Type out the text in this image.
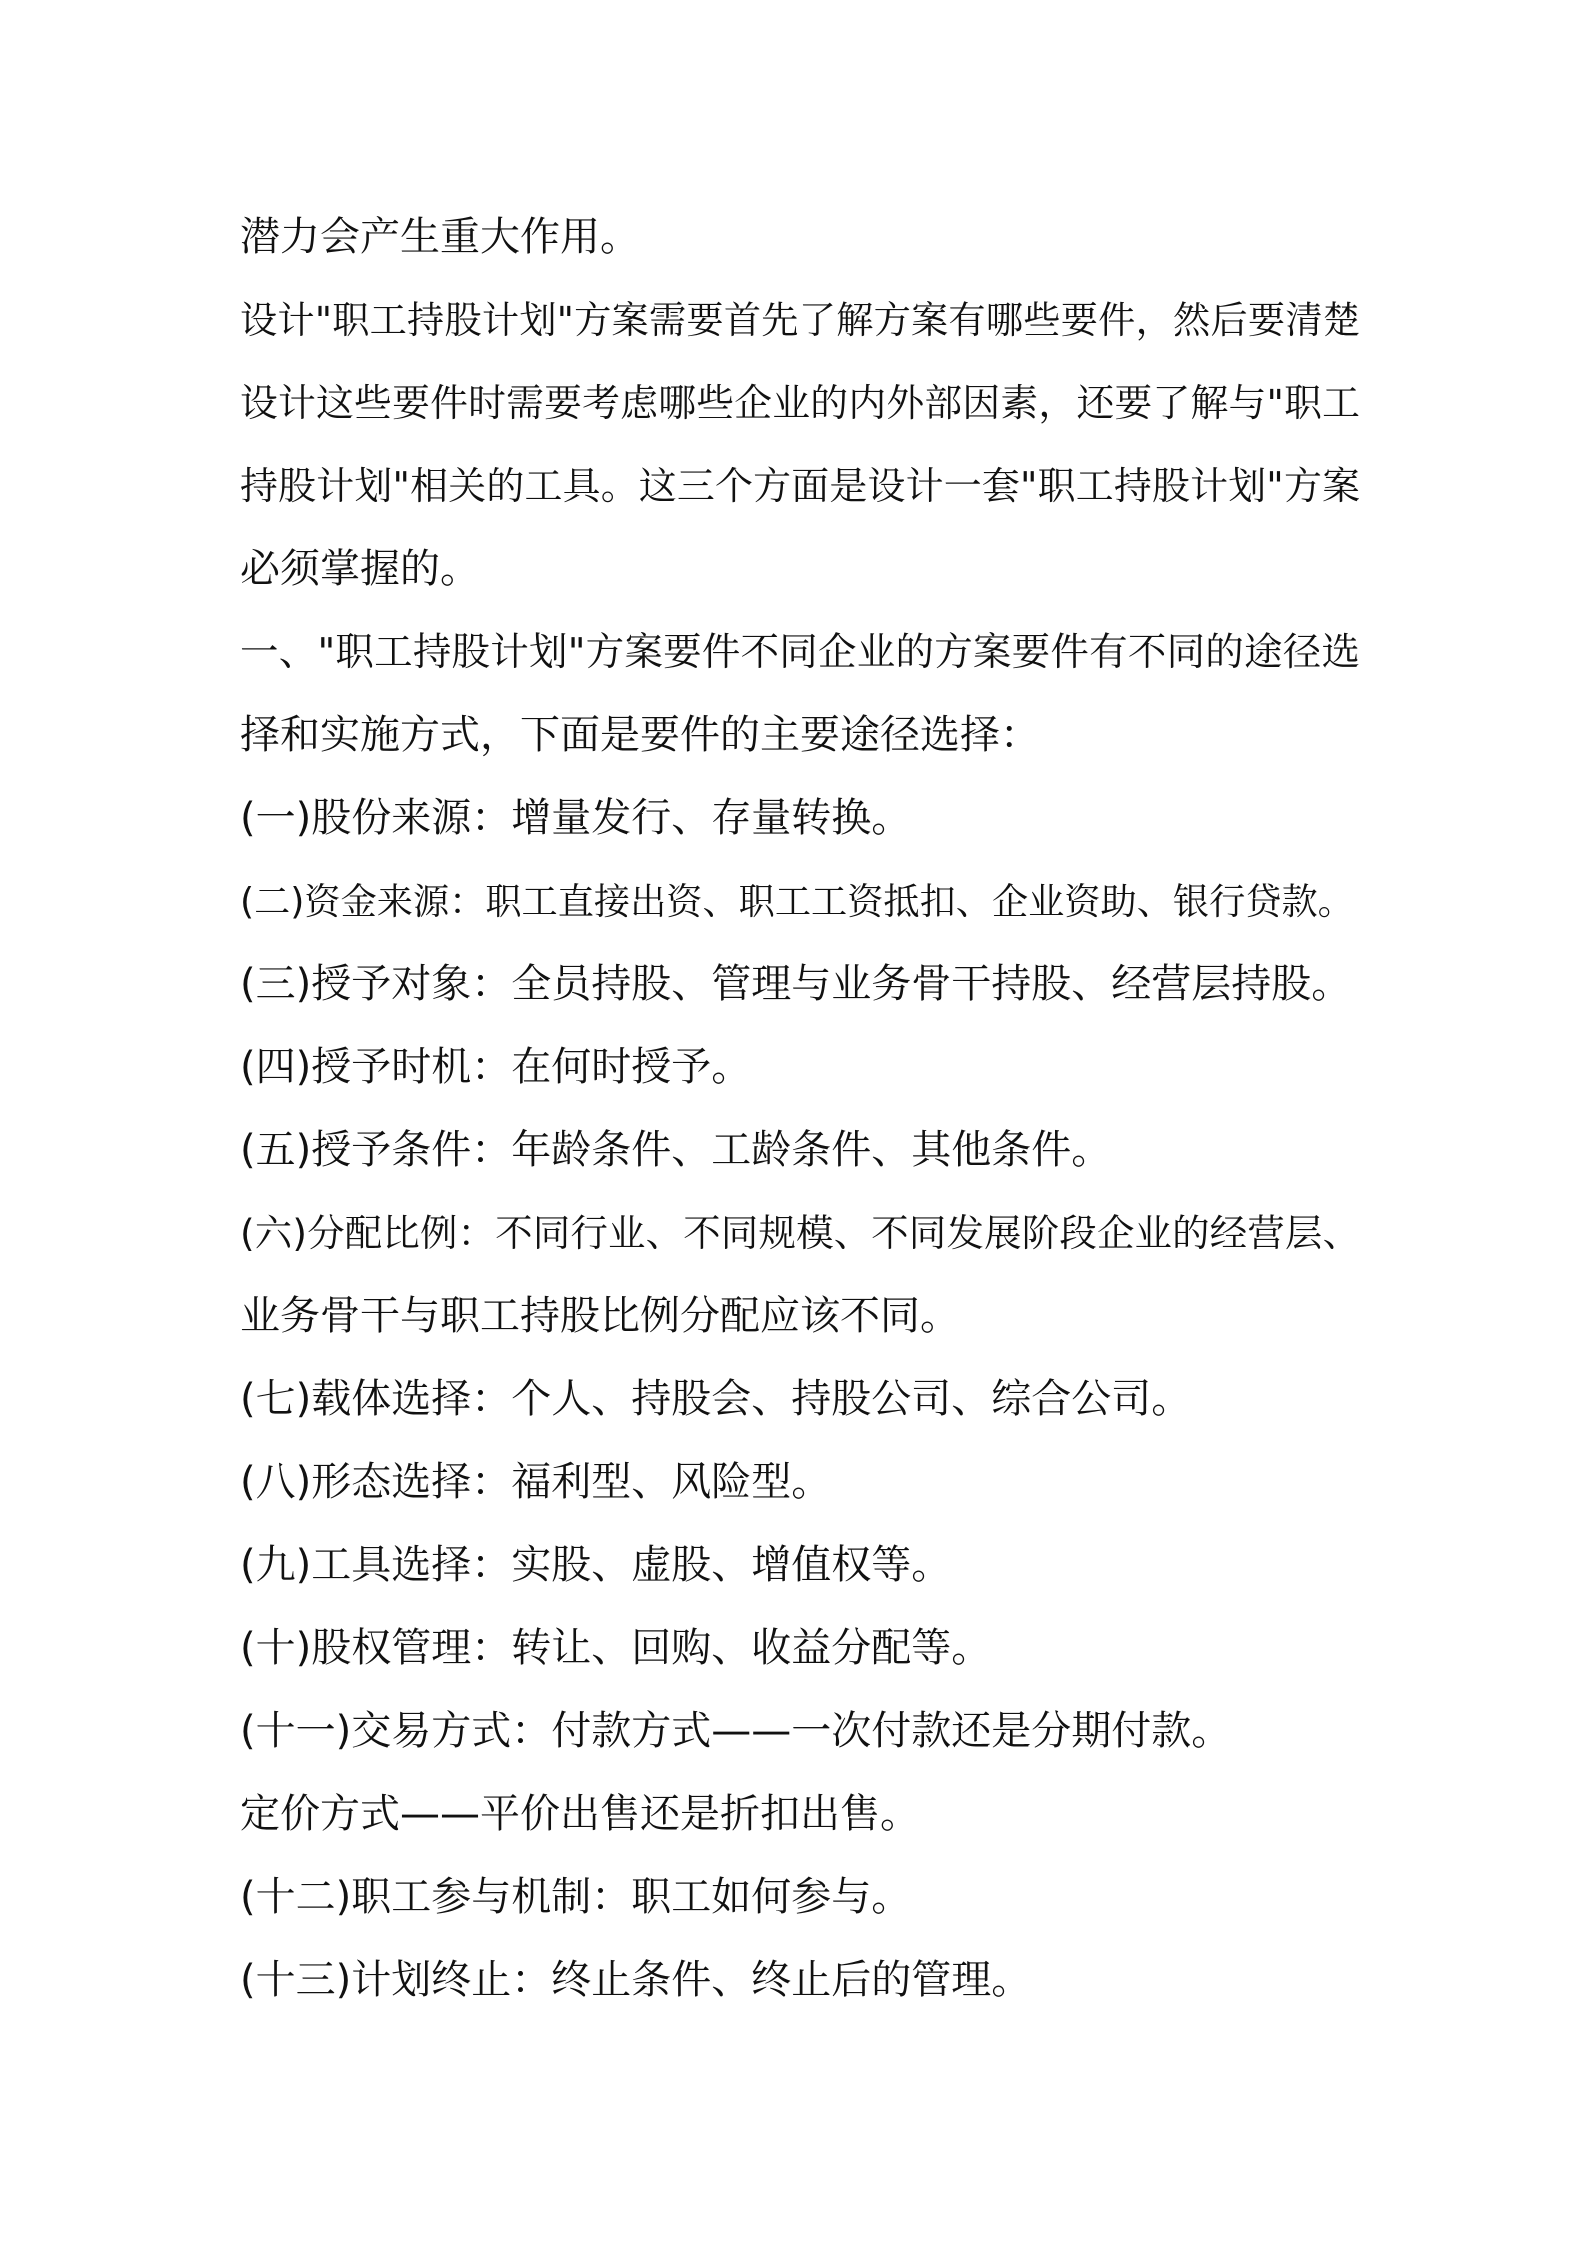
潜力会产生重大作用。
设计"职工持股计划"方案需要首先了解方案有哪些要件，然后要清楚
设计这些要件时需要考虑哪些企业的内外部因素，还要了解与"职工
持股计划"相关的工具。这三个方面是设计一套"职工持股计划"方案
必须掌握的。
一、"职工持股计划"方案要件不同企业的方案要件有不同的途径选
择和实施方式，下面是要件的主要途径选择：
(一)股份来源：增量发行、存量转换。
(二)资金来源：职工直接出资、职工工资抵扣、企业资助、银行贷款。
(三)授予对象：全员持股、管理与业务骨干持股、经营层持股。
(四)授予时机：在何时授予。
(五)授予条件：年龄条件、工龄条件、其他条件。
(六)分配比例：不同行业、不同规模、不同发展阶段企业的经营层、
业务骨干与职工持股比例分配应该不同。
(七)载体选择：个人、持股会、持股公司、综合公司。
(八)形态选择：福利型、风险型。
(九)工具选择：实股、虚股、增值权等。
(十)股权管理：转让、回购、收益分配等。
(十一)交易方式：付款方式——一次付款还是分期付款。
定价方式——平价出售还是折扣出售。
(十二)职工参与机制：职工如何参与。
(十三)计划终止：终止条件、终止后的管理。
